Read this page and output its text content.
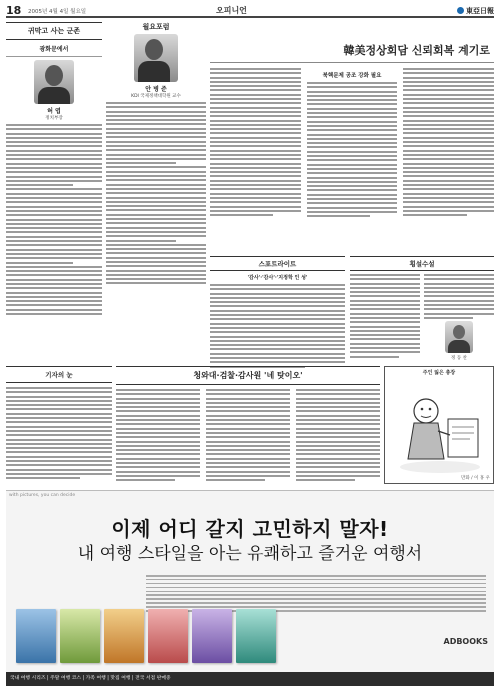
18 2005년 4월 4일 월요일	오피니언	東亞日報
귀막고 사는 군존
광화문에서
허 엽
정치부장
월요포럼
안 병 준
KDI 국제정책대학원 교수
韓美정상회담 신뢰회복 계기로
북핵문제 공조 강화 필요
스포트라이트
'감사'·'감사'·'지정학 인 성'
횡설수설
정 동 찬
기자의 눈	청와대·검찰·감사원 '네 탓이오'	주인 잃은 총장
만화 / 이 홍 우
with pictures, you can decide
이제 어디 갈지 고민하지 말자!
내 여행 스타일을 아는 유쾌하고 즐거운 여행서
ADBOOKS
국내 여행 시리즈 | 주말 여행 코스 | 가족 여행 | 맛집 여행 | 전국 서점 판매중
